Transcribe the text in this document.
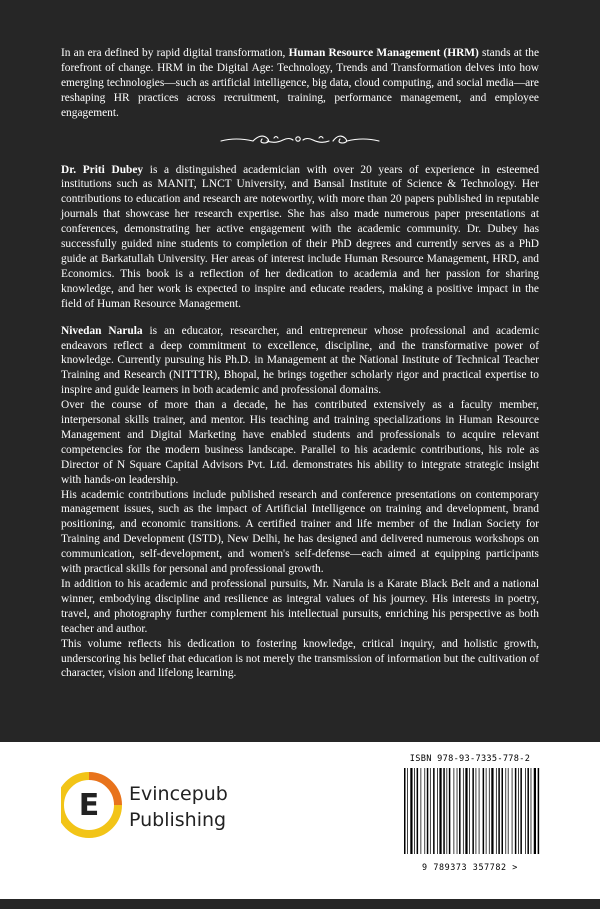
In an era defined by rapid digital transformation, Human Resource Management (HRM) stands at the forefront of change. HRM in the Digital Age: Technology, Trends and Transformation delves into how emerging technologies—such as artificial intelligence, big data, cloud computing, and social media—are reshaping HR practices across recruitment, training, performance management, and employee engagement.

Dr. Priti Dubey is a distinguished academician with over 20 years of experience in esteemed institutions such as MANIT, LNCT University, and Bansal Institute of Science & Technology. Her contributions to education and research are noteworthy, with more than 20 papers published in reputable journals that showcase her research expertise. She has also made numerous paper presentations at conferences, demonstrating her active engagement with the academic community. Dr. Dubey has successfully guided nine students to completion of their PhD degrees and currently serves as a PhD guide at Barkatullah University. Her areas of interest include Human Resource Management, HRD, and Economics. This book is a reflection of her dedication to academia and her passion for sharing knowledge, and her work is expected to inspire and educate readers, making a positive impact in the field of Human Resource Management.

Nivedan Narula is an educator, researcher, and entrepreneur whose professional and academic endeavors reflect a deep commitment to excellence, discipline, and the transformative power of knowledge. Currently pursuing his Ph.D. in Management at the National Institute of Technical Teacher Training and Research (NITTTR), Bhopal, he brings together scholarly rigor and practical expertise to inspire and guide learners in both academic and professional domains.

Over the course of more than a decade, he has contributed extensively as a faculty member, interpersonal skills trainer, and mentor. His teaching and training specializations in Human Resource Management and Digital Marketing have enabled students and professionals to acquire relevant competencies for the modern business landscape. Parallel to his academic contributions, his role as Director of N Square Capital Advisors Pvt. Ltd. demonstrates his ability to integrate strategic insight with hands-on leadership.

His academic contributions include published research and conference presentations on contemporary management issues, such as the impact of Artificial Intelligence on training and development, brand positioning, and economic transitions. A certified trainer and life member of the Indian Society for Training and Development (ISTD), New Delhi, he has designed and delivered numerous workshops on communication, self-development, and women's self-defense—each aimed at equipping participants with practical skills for personal and professional growth.

In addition to his academic and professional pursuits, Mr. Narula is a Karate Black Belt and a national winner, embodying discipline and resilience as integral values of his journey. His interests in poetry, travel, and photography further complement his intellectual pursuits, enriching his perspective as both teacher and author.

This volume reflects his dedication to fostering knowledge, critical inquiry, and holistic growth, underscoring his belief that education is not merely the transmission of information but the cultivation of character, vision and lifelong learning.

E Evincepub
Publishing
ISBN 978-93-7335-778-2
9 789373 357782 >
